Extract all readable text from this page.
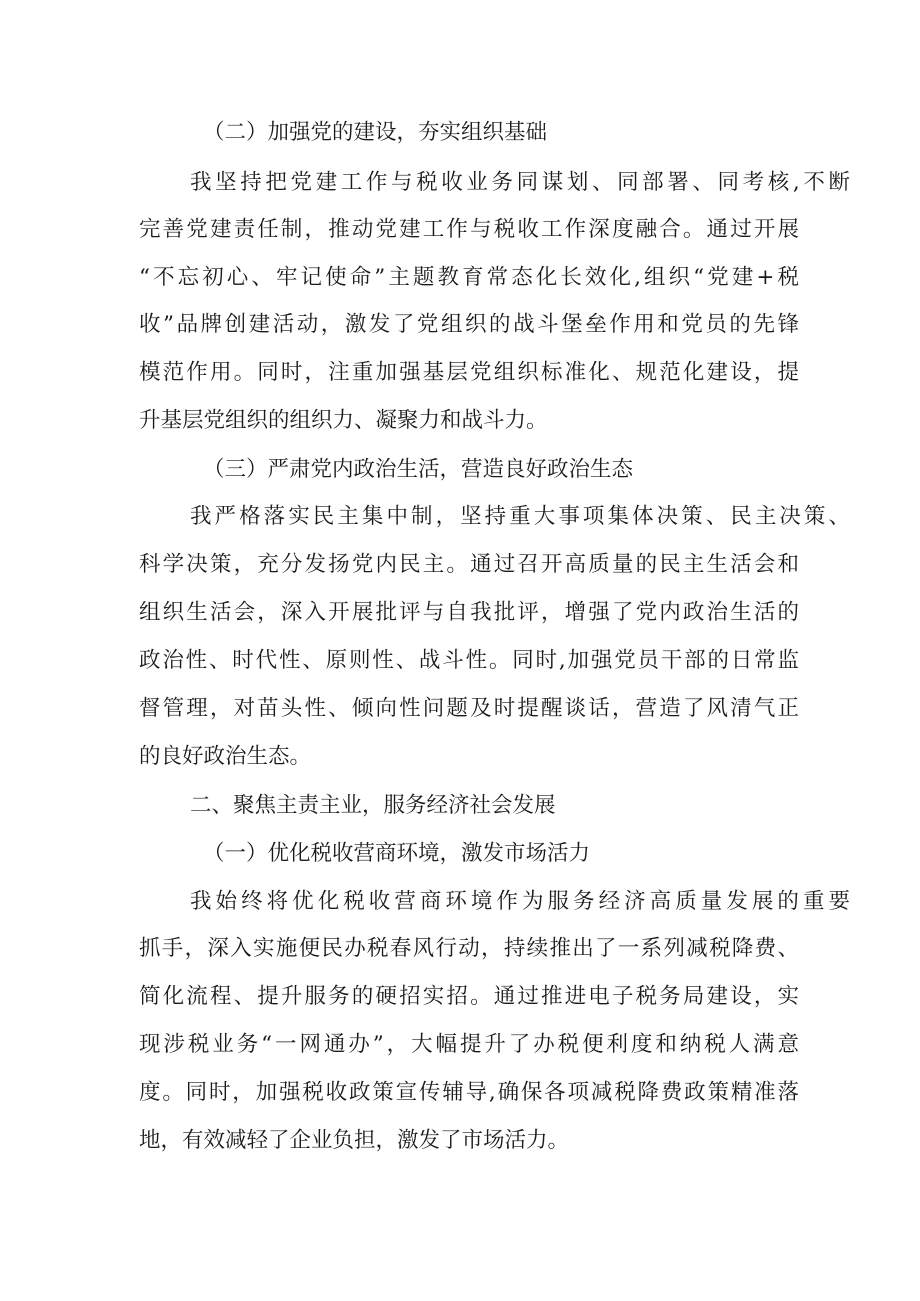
（二）加强党的建设，夯实组织基础
我坚持把党建工作与税收业务同谋划、同部署、同考核,不断
完善党建责任制，推动党建工作与税收工作深度融合。通过开展
“不忘初心、牢记使命”主题教育常态化长效化,组织“党建+税
收”品牌创建活动，激发了党组织的战斗堡垒作用和党员的先锋
模范作用。同时，注重加强基层党组织标准化、规范化建设，提
升基层党组织的组织力、凝聚力和战斗力。
（三）严肃党内政治生活，营造良好政治生态
我严格落实民主集中制，坚持重大事项集体决策、民主决策、
科学决策，充分发扬党内民主。通过召开高质量的民主生活会和
组织生活会，深入开展批评与自我批评，增强了党内政治生活的
政治性、时代性、原则性、战斗性。同时,加强党员干部的日常监
督管理，对苗头性、倾向性问题及时提醒谈话，营造了风清气正
的良好政治生态。
二、聚焦主责主业，服务经济社会发展
（一）优化税收营商环境，激发市场活力
我始终将优化税收营商环境作为服务经济高质量发展的重要
抓手，深入实施便民办税春风行动，持续推出了一系列减税降费、
简化流程、提升服务的硬招实招。通过推进电子税务局建设，实
现涉税业务“一网通办”，大幅提升了办税便利度和纳税人满意
度。同时，加强税收政策宣传辅导,确保各项减税降费政策精准落
地，有效减轻了企业负担，激发了市场活力。
